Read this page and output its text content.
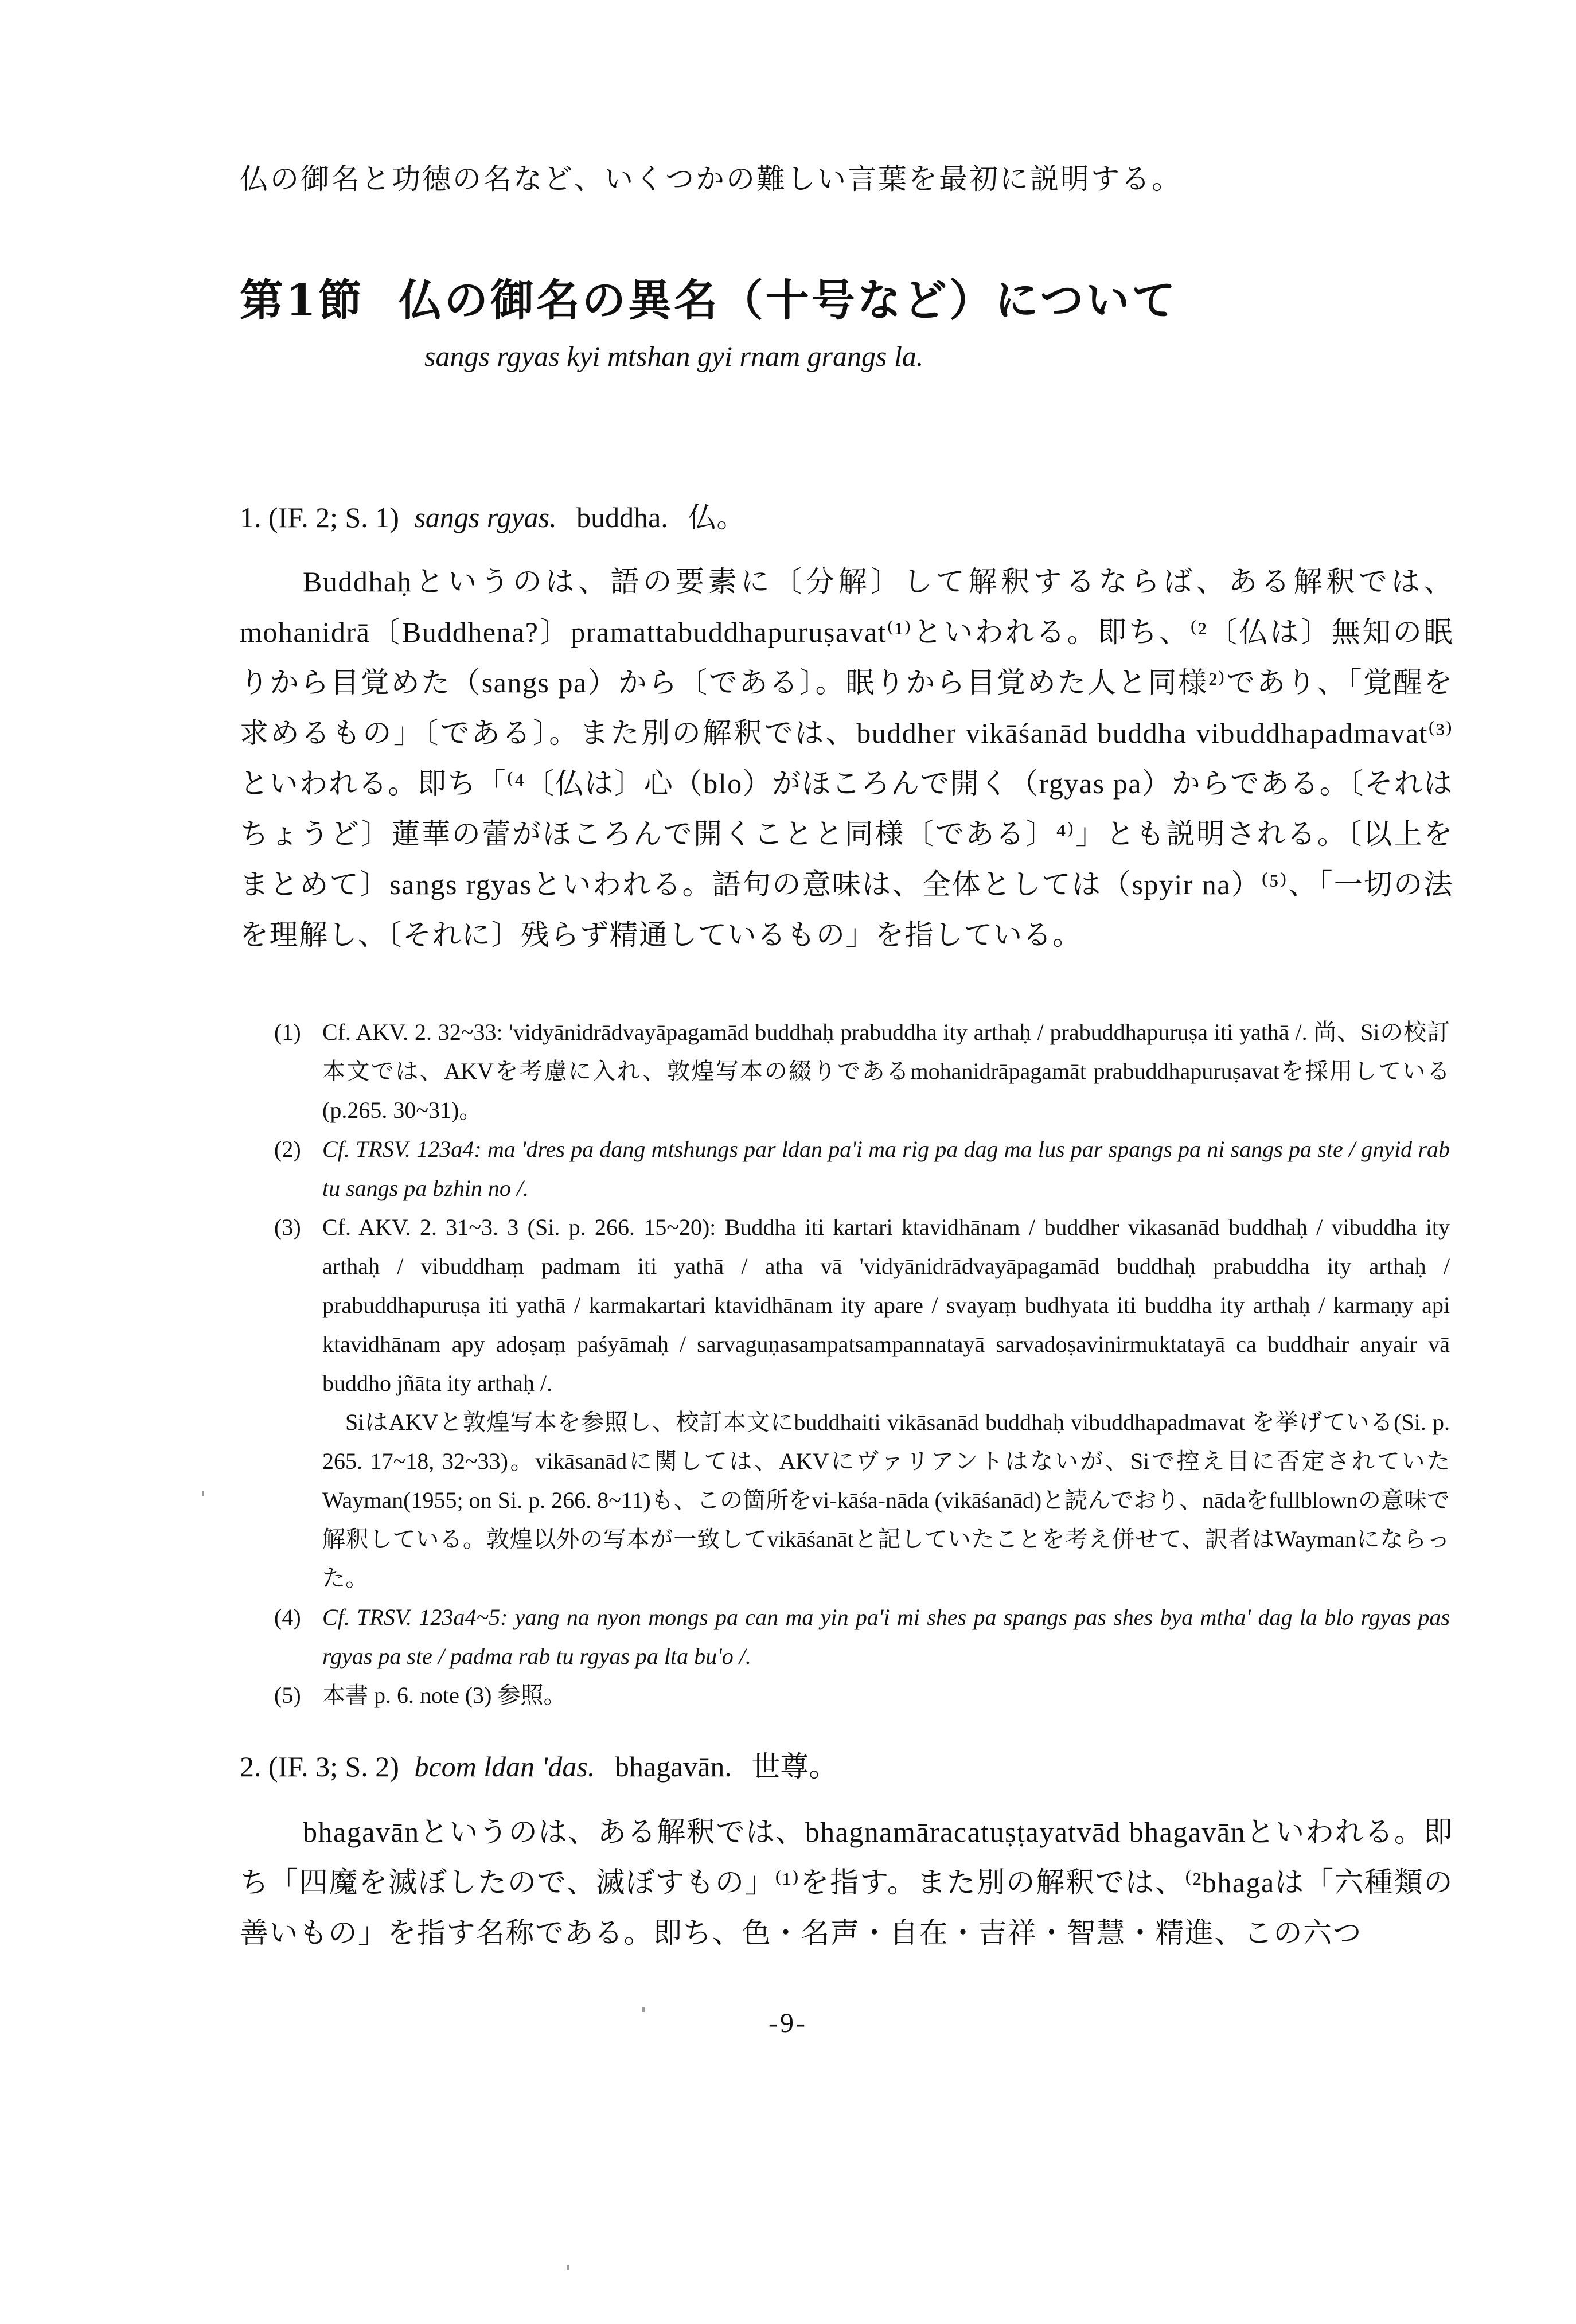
仏の御名と功徳の名など、いくつかの難しい言葉を最初に説明する。
第1節 仏の御名の異名（十号など）について
sangs rgyas kyi mtshan gyi rnam grangs la.
1. (IF. 2; S. 1) sangs rgyas. buddha. 仏。

Buddhaḥというのは、語の要素に〔分解〕して解釈するならば、ある解釈では、mohanidrā〔Buddhena?〕pramattabuddhapuruṣavat⁽¹⁾といわれる。即ち、⁽²〔仏は〕無知の眠りから目覚めた（sangs pa）から〔である〕。眠りから目覚めた人と同様²⁾であり、「覚醒を求めるもの」〔である〕。また別の解釈では、buddher vikāśanād buddha vibuddhapadmavat⁽³⁾といわれる。即ち「⁽⁴〔仏は〕心（blo）がほころんで開く（rgyas pa）からである。〔それはちょうど〕蓮華の蕾がほころんで開くことと同様〔である〕⁴⁾」とも説明される。〔以上をまとめて〕sangs rgyasといわれる。語句の意味は、全体としては（spyir na）⁽⁵⁾、「一切の法を理解し、〔それに〕残らず精通しているもの」を指している。

(1) Cf. AKV. 2. 32~33: 'vidyānidrādvayāpagamād buddhaḥ prabuddha ity arthaḥ / prabuddhapuruṣa iti yathā /. 尚、Siの校訂本文では、AKVを考慮に入れ、敦煌写本の綴りであるmohanidrāpagamāt prabuddhapuruṣavatを採用している (p.265. 30~31)。

(2) Cf. TRSV. 123a4: ma 'dres pa dang mtshungs par ldan pa'i ma rig pa dag ma lus par spangs pa ni sangs pa ste / gnyid rab tu sangs pa bzhin no /.

(3) Cf. AKV. 2. 31~3. 3 (Si. p. 266. 15~20): Buddha iti kartari ktavidhānam / buddher vikasanād buddhaḥ / vibuddha ity arthaḥ / vibuddhaṃ padmam iti yathā / atha vā 'vidyānidrādvayāpagamād buddhaḥ prabuddha ity arthaḥ / prabuddhapuruṣa iti yathā / karmakartari ktavidhānam ity apare / svayaṃ budhyata iti buddha ity arthaḥ / karmaṇy api ktavidhānam apy adoṣaṃ paśyāmaḥ / sarvaguṇasampatsampannatayā sarvadoṣavinirmuktatayā ca buddhair anyair vā buddho jñāta ity arthaḥ /.

SiはAKVと敦煌写本を参照し、校訂本文にbuddhaiti vikāsanād buddhaḥ vibuddhapadmavat を挙げている(Si. p. 265. 17~18, 32~33)。vikāsanādに関しては、AKVにヴァリアントはないが、Siで控え目に否定されていたWayman(1955; on Si. p. 266. 8~11)も、この箇所をvi-kāśa-nāda (vikāśanād)と読んでおり、nādaをfullblownの意味で解釈している。敦煌以外の写本が一致してvikāśanātと記していたことを考え併せて、訳者はWaymanにならった。

(4) Cf. TRSV. 123a4~5: yang na nyon mongs pa can ma yin pa'i mi shes pa spangs pas shes bya mtha' dag la blo rgyas pas rgyas pa ste / padma rab tu rgyas pa lta bu'o /.

(5) 本書 p. 6. note (3) 参照。

2. (IF. 3; S. 2) bcom ldan 'das. bhagavān. 世尊。

bhagavānというのは、ある解釈では、bhagnamāracatuṣṭayatvād bhagavānといわれる。即ち「四魔を滅ぼしたので、滅ぼすもの」⁽¹⁾を指す。また別の解釈では、⁽²bhagaは「六種類の善いもの」を指す名称である。即ち、色・名声・自在・吉祥・智慧・精進、この六つ

-9-
